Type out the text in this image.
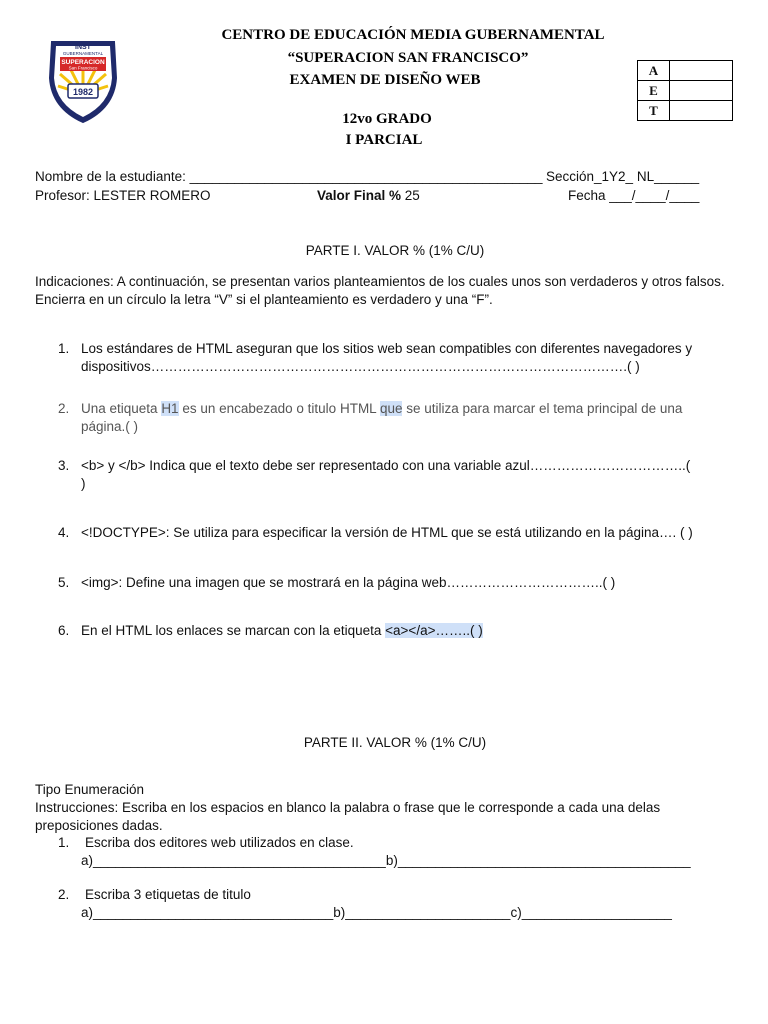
INST
GUBERNAMENTAL
SUPERACION
San Francisco
1982
CENTRO DE EDUCACIÓN MEDIA GUBERNAMENTAL
“SUPERACION SAN FRANCISCO”
EXAMEN DE DISEÑO WEB
12vo GRADO
I PARCIAL
A	
E	
T	
Nombre de la estudiante: _______________________________________________ Sección_1Y2_ NL______
Profesor: LESTER ROMERO	Valor Final % 25	Fecha ___/____/____
PARTE I. VALOR % (1% C/U)
Indicaciones: A continuación, se presentan varios planteamientos de los cuales unos son verdaderos y otros falsos. Encierra en un círculo la letra “V” si el planteamiento es verdadero y una “F”.
1. Los estándares de HTML aseguran que los sitios web sean compatibles con diferentes navegadores y
dispositivos…………………………………………………………………………………………….( )
2. Una etiqueta H1 es un encabezado o titulo HTML que se utiliza para marcar el tema principal de una
página.( )
3. <b> y </b> Indica que el texto debe ser representado con una variable azul……………………………..(
)
4. <!DOCTYPE>: Se utiliza para especificar la versión de HTML que se está utilizando en la página…. ( )
5. <img>: Define una imagen que se mostrará en la página web……………………………..( )
6. En el HTML los enlaces se marcan con la etiqueta <a></a>……..( )
PARTE II. VALOR % (1% C/U)
Tipo Enumeración
Instrucciones: Escriba en los espacios en blanco la palabra o frase que le corresponde a cada una delas preposiciones dadas.
1. Escriba dos editores web utilizados en clase.
a)_______________________________________b)_______________________________________
2. Escriba 3 etiquetas de titulo
a)________________________________b)______________________c)____________________
